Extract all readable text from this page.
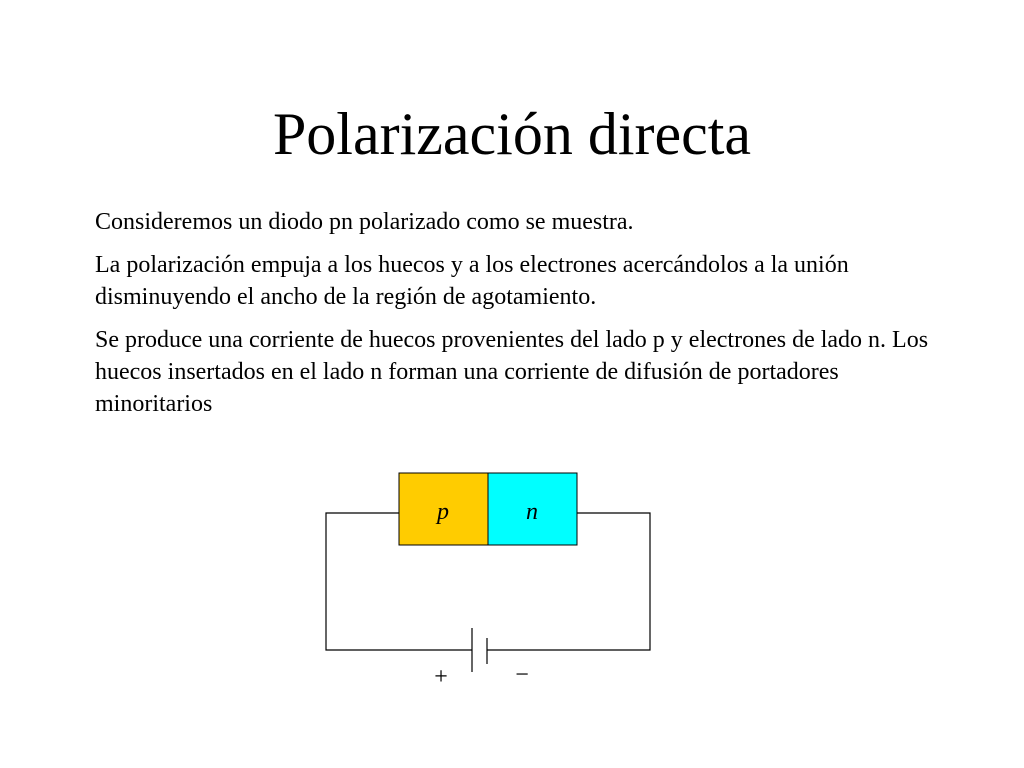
Polarización directa

Consideremos un diodo pn polarizado como se muestra.

La polarización empuja a los huecos y a los electrones acercándolos a la unión disminuyendo el ancho de la región de agotamiento.

Se produce una corriente de huecos provenientes del lado p y electrones de lado n. Los huecos insertados en el lado n forman una corriente de difusión de portadores minoritarios

p	n
+	−
